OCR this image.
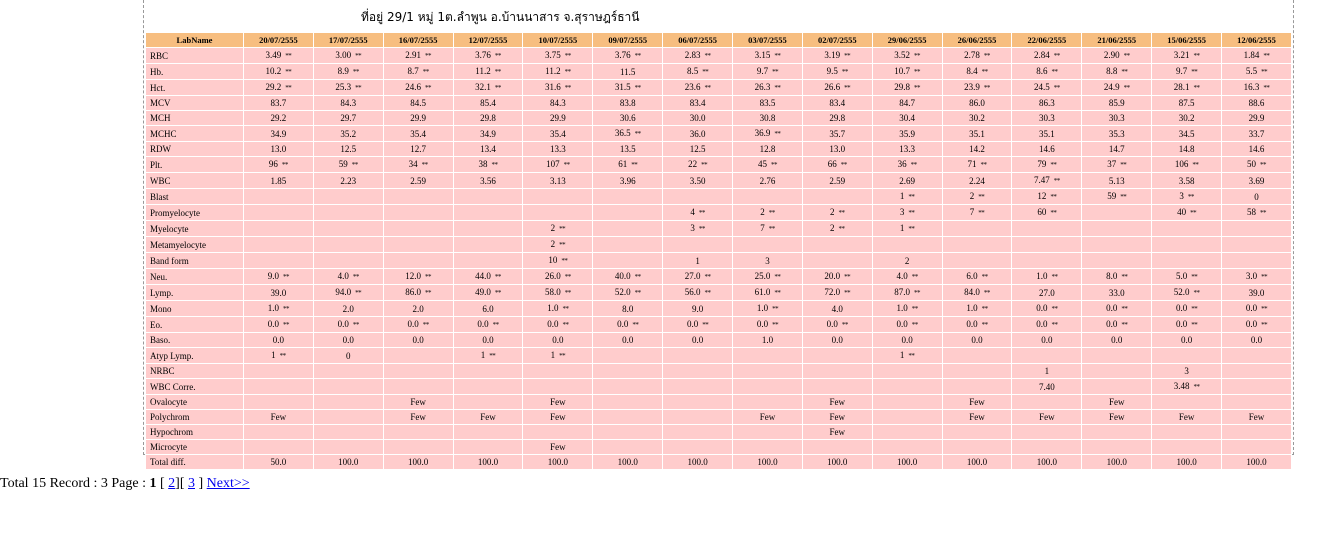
ที่อยู่ 29/1 หมู่ 1ต.ลำพูน อ.บ้านนาสาร จ.สุราษฎร์ธานี
LabName	20/07/2555	17/07/2555	16/07/2555	12/07/2555	10/07/2555	09/07/2555	06/07/2555	03/07/2555	02/07/2555	29/06/2555	26/06/2555	22/06/2555	21/06/2555	15/06/2555	12/06/2555
RBC	3.49 **	3.00 **	2.91 **	3.76 **	3.75 **	3.76 **	2.83 **	3.15 **	3.19 **	3.52 **	2.78 **	2.84 **	2.90 **	3.21 **	1.84 **
Hb.	10.2 **	8.9 **	8.7 **	11.2 **	11.2 **	11.5	8.5 **	9.7 **	9.5 **	10.7 **	8.4 **	8.6 **	8.8 **	9.7 **	5.5 **
Hct.	29.2 **	25.3 **	24.6 **	32.1 **	31.6 **	31.5 **	23.6 **	26.3 **	26.6 **	29.8 **	23.9 **	24.5 **	24.9 **	28.1 **	16.3 **
MCV	83.7	84.3	84.5	85.4	84.3	83.8	83.4	83.5	83.4	84.7	86.0	86.3	85.9	87.5	88.6
MCH	29.2	29.7	29.9	29.8	29.9	30.6	30.0	30.8	29.8	30.4	30.2	30.3	30.3	30.2	29.9
MCHC	34.9	35.2	35.4	34.9	35.4	36.5 **	36.0	36.9 **	35.7	35.9	35.1	35.1	35.3	34.5	33.7
RDW	13.0	12.5	12.7	13.4	13.3	13.5	12.5	12.8	13.0	13.3	14.2	14.6	14.7	14.8	14.6
Plt.	96 **	59 **	34 **	38 **	107 **	61 **	22 **	45 **	66 **	36 **	71 **	79 **	37 **	106 **	50 **
WBC	1.85	2.23	2.59	3.56	3.13	3.96	3.50	2.76	2.59	2.69	2.24	7.47 **	5.13	3.58	3.69
Blast										1 **	2 **	12 **	59 **	3 **	0
Promyelocyte							4 **	2 **	2 **	3 **	7 **	60 **		40 **	58 **
Myelocyte					2 **		3 **	7 **	2 **	1 **					
Metamyelocyte					2 **										
Band form					10 **		1	3		2					
Neu.	9.0 **	4.0 **	12.0 **	44.0 **	26.0 **	40.0 **	27.0 **	25.0 **	20.0 **	4.0 **	6.0 **	1.0 **	8.0 **	5.0 **	3.0 **
Lymp.	39.0	94.0 **	86.0 **	49.0 **	58.0 **	52.0 **	56.0 **	61.0 **	72.0 **	87.0 **	84.0 **	27.0	33.0	52.0 **	39.0
Mono	1.0 **	2.0	2.0	6.0	1.0 **	8.0	9.0	1.0 **	4.0	1.0 **	1.0 **	0.0 **	0.0 **	0.0 **	0.0 **
Eo.	0.0 **	0.0 **	0.0 **	0.0 **	0.0 **	0.0 **	0.0 **	0.0 **	0.0 **	0.0 **	0.0 **	0.0 **	0.0 **	0.0 **	0.0 **
Baso.	0.0	0.0	0.0	0.0	0.0	0.0	0.0	1.0	0.0	0.0	0.0	0.0	0.0	0.0	0.0
Atyp Lymp.	1 **	0		1 **	1 **					1 **					
NRBC												1		3	
WBC Corre.												7.40		3.48 **	
Ovalocyte			Few		Few				Few		Few		Few		
Polychrom	Few		Few	Few	Few			Few	Few		Few	Few	Few	Few	Few
Hypochrom									Few						
Microcyte					Few										
Total diff.	50.0	100.0	100.0	100.0	100.0	100.0	100.0	100.0	100.0	100.0	100.0	100.0	100.0	100.0	100.0
Total 15 Record : 3 Page : 1 [ 2][ 3 ] Next>>
